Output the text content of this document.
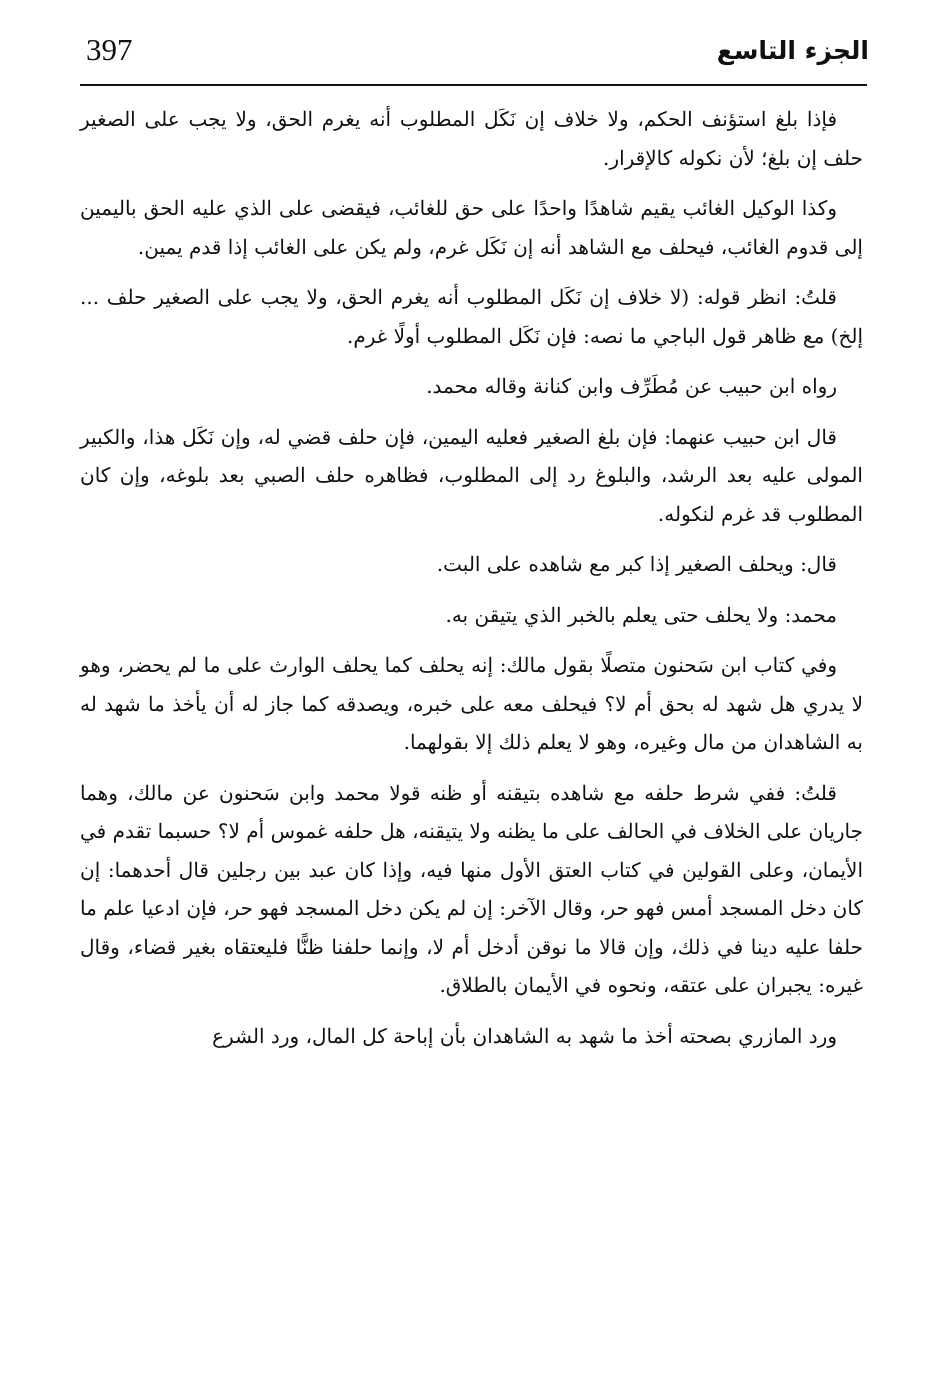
397	الجزء التاسع

فإذا بلغ استؤنف الحكم، ولا خلاف إن نَكَل المطلوب أنه يغرم الحق، ولا يجب على الصغير حلف إن بلغ؛ لأن نكوله كالإقرار.

وكذا الوكيل الغائب يقيم شاهدًا واحدًا على حق للغائب، فيقضى على الذي عليه الحق باليمين إلى قدوم الغائب، فيحلف مع الشاهد أنه إن نَكَل غرم، ولم يكن على الغائب إذا قدم يمين.

قلتُ: انظر قوله: (لا خلاف إن نَكَل المطلوب أنه يغرم الحق، ولا يجب على الصغير حلف ... إلخ) مع ظاهر قول الباجي ما نصه: فإن نَكَل المطلوب أولًا غرم.

رواه ابن حبيب عن مُطَرِّف وابن كنانة وقاله محمد.

قال ابن حبيب عنهما: فإن بلغ الصغير فعليه اليمين، فإن حلف قضي له، وإن نَكَل هذا، والكبير المولى عليه بعد الرشد، والبلوغ رد إلى المطلوب، فظاهره حلف الصبي بعد بلوغه، وإن كان المطلوب قد غرم لنكوله.

قال: ويحلف الصغير إذا كبر مع شاهده على البت.

محمد: ولا يحلف حتى يعلم بالخبر الذي يتيقن به.

وفي كتاب ابن سَحنون متصلًا بقول مالك: إنه يحلف كما يحلف الوارث على ما لم يحضر، وهو لا يدري هل شهد له بحق أم لا؟ فيحلف معه على خبره، ويصدقه كما جاز له أن يأخذ ما شهد له به الشاهدان من مال وغيره، وهو لا يعلم ذلك إلا بقولهما.

قلتُ: ففي شرط حلفه مع شاهده بتيقنه أو ظنه قولا محمد وابن سَحنون عن مالك، وهما جاريان على الخلاف في الحالف على ما يظنه ولا يتيقنه، هل حلفه غموس أم لا؟ حسبما تقدم في الأيمان، وعلى القولين في كتاب العتق الأول منها فيه، وإذا كان عبد بين رجلين قال أحدهما: إن كان دخل المسجد أمس فهو حر، وقال الآخر: إن لم يكن دخل المسجد فهو حر، فإن ادعيا علم ما حلفا عليه دينا في ذلك، وإن قالا ما نوقن أدخل أم لا، وإنما حلفنا ظنًّا فليعتقاه بغير قضاء، وقال غيره: يجبران على عتقه، ونحوه في الأيمان بالطلاق.

ورد المازري بصحته أخذ ما شهد به الشاهدان بأن إباحة كل المال، ورد الشرع
